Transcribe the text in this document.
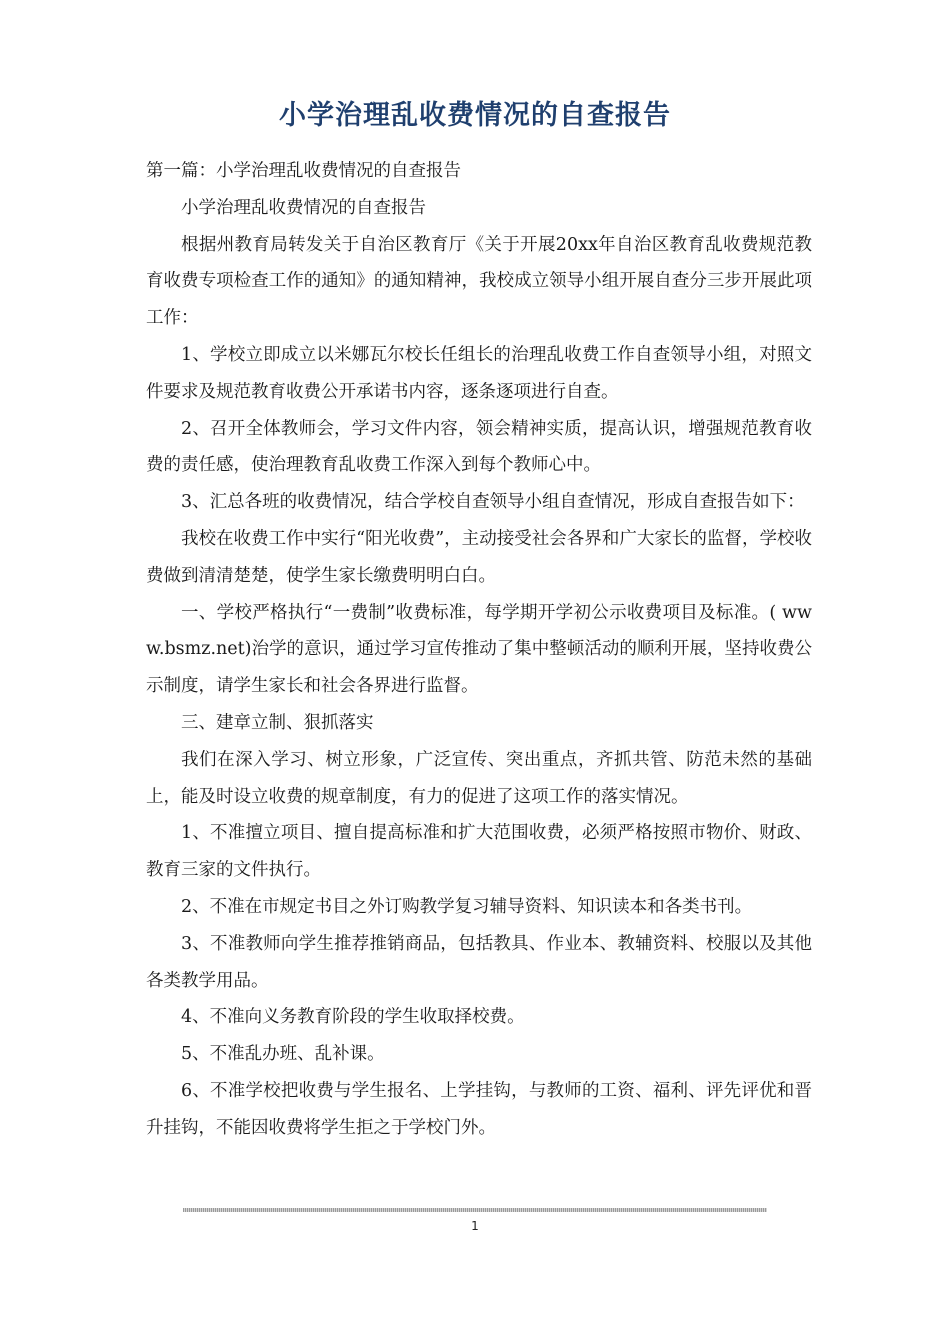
小学治理乱收费情况的自查报告

第一篇：小学治理乱收费情况的自查报告

小学治理乱收费情况的自查报告

根据州教育局转发关于自治区教育厅《关于开展20xx年自治区教育乱收费规范教育收费专项检查工作的通知》的通知精神，我校成立领导小组开展自查分三步开展此项工作：

1、学校立即成立以米娜瓦尔校长任组长的治理乱收费工作自查领导小组，对照文件要求及规范教育收费公开承诺书内容，逐条逐项进行自查。

2、召开全体教师会，学习文件内容，领会精神实质，提高认识，增强规范教育收费的责任感，使治理教育乱收费工作深入到每个教师心中。

3、汇总各班的收费情况，结合学校自查领导小组自查情况，形成自查报告如下：

我校在收费工作中实行“阳光收费”，主动接受社会各界和广大家长的监督，学校收费做到清清楚楚，使学生家长缴费明明白白。

一、学校严格执行“一费制”收费标准，每学期开学初公示收费项目及标准。( www.bsmz.net)治学的意识，通过学习宣传推动了集中整顿活动的顺利开展，坚持收费公示制度，请学生家长和社会各界进行监督。

三、建章立制、狠抓落实

我们在深入学习、树立形象，广泛宣传、突出重点，齐抓共管、防范未然的基础上，能及时设立收费的规章制度，有力的促进了这项工作的落实情况。

1、不准擅立项目、擅自提高标准和扩大范围收费，必须严格按照市物价、财政、教育三家的文件执行。

2、不准在市规定书目之外订购教学复习辅导资料、知识读本和各类书刊。

3、不准教师向学生推荐推销商品，包括教具、作业本、教辅资料、校服以及其他各类教学用品。

4、不准向义务教育阶段的学生收取择校费。

5、不准乱办班、乱补课。

6、不准学校把收费与学生报名、上学挂钩，与教师的工资、福利、评先评优和晋升挂钩，不能因收费将学生拒之于学校门外。

1
